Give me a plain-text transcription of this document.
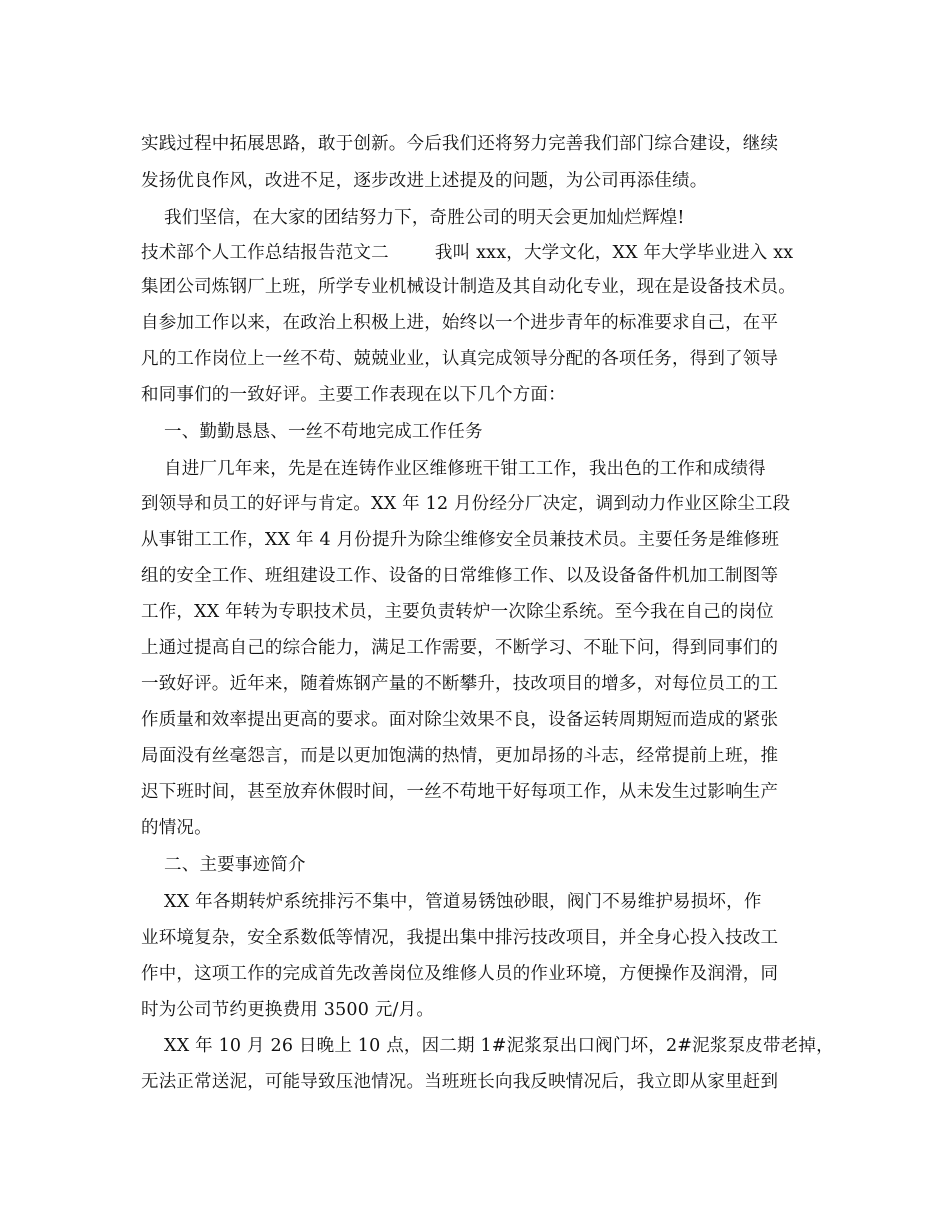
实践过程中拓展思路，敢于创新。今后我们还将努力完善我们部门综合建设，继续
发扬优良作风，改进不足，逐步改进上述提及的问题，为公司再添佳绩。
我们坚信，在大家的团结努力下，奇胜公司的明天会更加灿烂辉煌!
技术部个人工作总结报告范文二        我叫 xxx，大学文化，XX 年大学毕业进入 xx
集团公司炼钢厂上班，所学专业机械设计制造及其自动化专业，现在是设备技术员。
自参加工作以来，在政治上积极上进，始终以一个进步青年的标准要求自己，在平
凡的工作岗位上一丝不苟、兢兢业业，认真完成领导分配的各项任务，得到了领导
和同事们的一致好评。主要工作表现在以下几个方面：
一、勤勤恳恳、一丝不苟地完成工作任务
自进厂几年来，先是在连铸作业区维修班干钳工工作，我出色的工作和成绩得
到领导和员工的好评与肯定。XX 年 12 月份经分厂决定，调到动力作业区除尘工段
从事钳工工作，XX 年 4 月份提升为除尘维修安全员兼技术员。主要任务是维修班
组的安全工作、班组建设工作、设备的日常维修工作、以及设备备件机加工制图等
工作，XX 年转为专职技术员，主要负责转炉一次除尘系统。至今我在自己的岗位
上通过提高自己的综合能力，满足工作需要，不断学习、不耻下问，得到同事们的
一致好评。近年来，随着炼钢产量的不断攀升，技改项目的增多，对每位员工的工
作质量和效率提出更高的要求。面对除尘效果不良，设备运转周期短而造成的紧张
局面没有丝毫怨言，而是以更加饱满的热情，更加昂扬的斗志，经常提前上班，推
迟下班时间，甚至放弃休假时间，一丝不苟地干好每项工作，从未发生过影响生产
的情况。
二、主要事迹简介
XX 年各期转炉系统排污不集中，管道易锈蚀砂眼，阀门不易维护易损坏，作
业环境复杂，安全系数低等情况，我提出集中排污技改项目，并全身心投入技改工
作中，这项工作的完成首先改善岗位及维修人员的作业环境，方便操作及润滑，同
时为公司节约更换费用 3500 元/月。
XX 年 10 月 26 日晚上 10 点，因二期 1#泥浆泵出口阀门坏，2#泥浆泵皮带老掉，
无法正常送泥，可能导致压池情况。当班班长向我反映情况后，我立即从家里赶到
